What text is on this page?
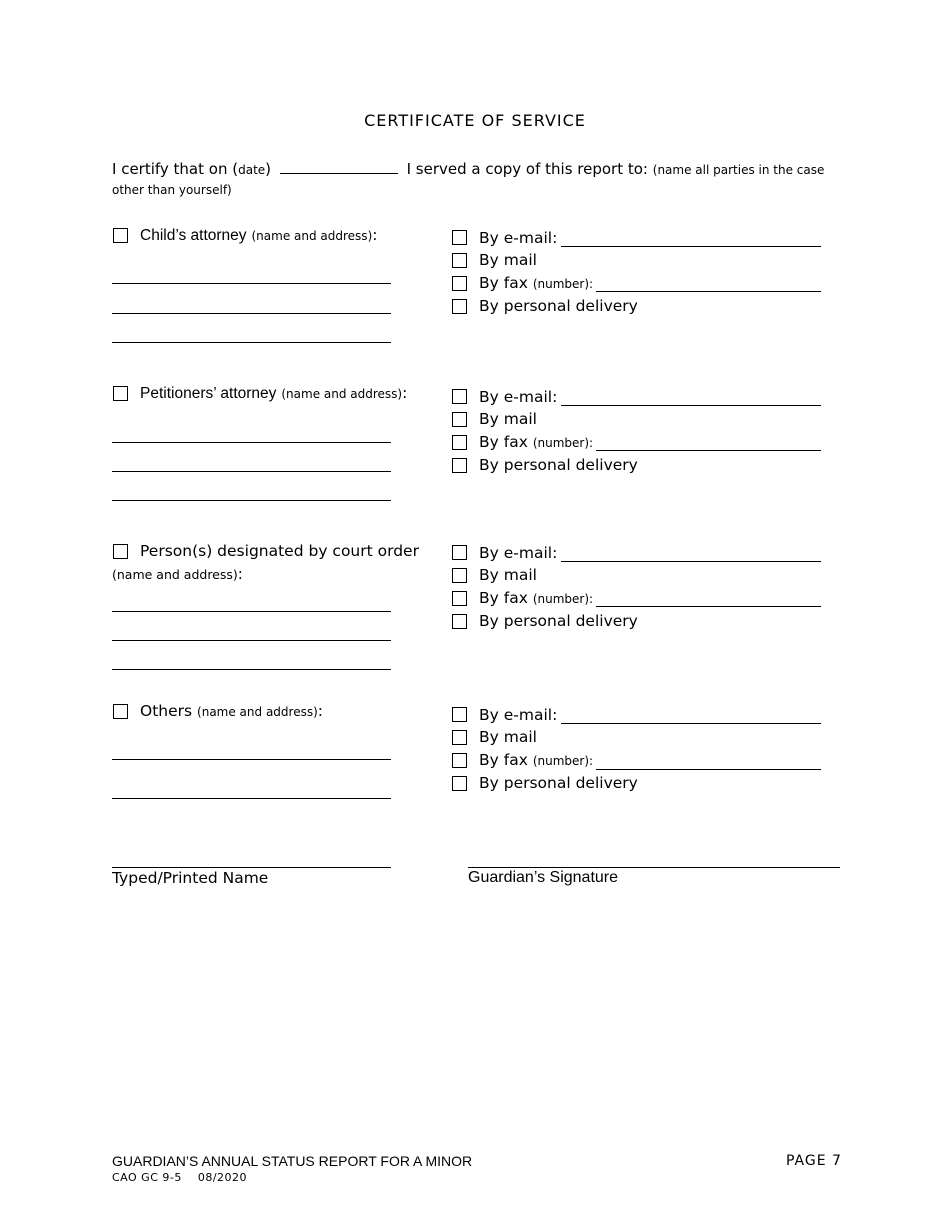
CERTIFICATE OF SERVICE
I certify that on (date)	I served a copy of this report to: (name all parties in the case other than yourself)
Child’s attorney (name and address):	By e-mail:
By mail
By fax (number):
By personal delivery
Petitioners’ attorney (name and address):	By e-mail:
By mail
By fax (number):
By personal delivery
Person(s) designated by court order
(name and address):
By e-mail:
By mail
By fax (number):
By personal delivery
Others (name and address):	By e-mail:
By mail
By fax (number):
By personal delivery
Typed/Printed Name	Guardian’s Signature
GUARDIAN’S ANNUAL STATUS REPORT FOR A MINOR
CAO GC 9-5 08/2020
PAGE 7
